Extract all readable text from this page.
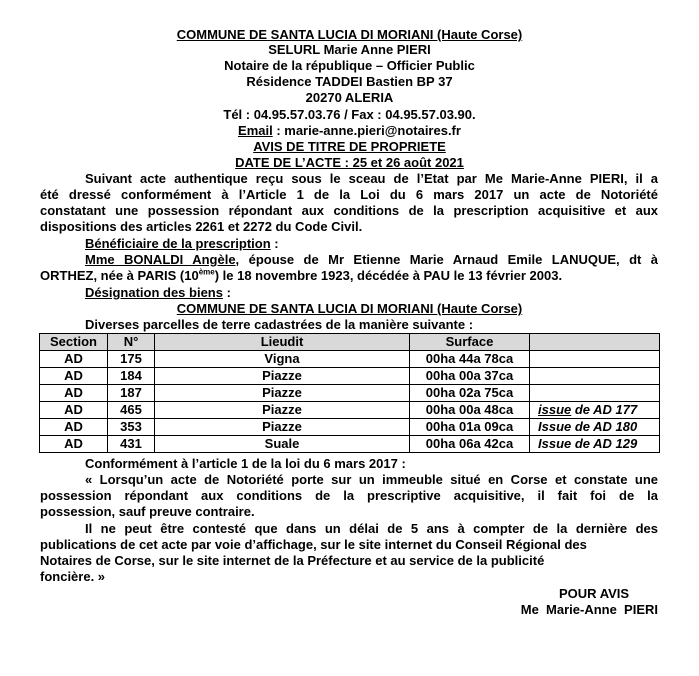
COMMUNE DE SANTA LUCIA DI MORIANI (Haute Corse)
SELURL Marie Anne PIERI
Notaire de la république – Officier Public
Résidence TADDEI Bastien BP 37
20270 ALERIA
Tél : 04.95.57.03.76 / Fax : 04.95.57.03.90.
Email : marie-anne.pieri@notaires.fr
AVIS DE TITRE DE PROPRIETE
DATE DE L’ACTE : 25 et 26 août 2021
Suivant acte authentique reçu sous le sceau de l’Etat par Me Marie-Anne PIERI, il a
été dressé conformément à l’Article 1 de la Loi du 6 mars 2017 un acte de Notoriété
constatant une possession répondant aux conditions de la prescription acquisitive et aux
dispositions des articles 2261 et 2272 du Code Civil.
Bénéficiaire de la prescription :
Mme BONALDI Angèle, épouse de Mr Etienne Marie Arnaud Emile LANUQUE, dt à
ORTHEZ, née à PARIS (10ème) le 18 novembre 1923, décédée à PAU le 13 février 2003.
Désignation des biens :
COMMUNE DE SANTA LUCIA DI MORIANI (Haute Corse)
Diverses parcelles de terre cadastrées de la manière suivante :
Section	N°	Lieudit	Surface	
AD	175	Vigna	00ha 44a 78ca	
AD	184	Piazze	00ha 00a 37ca	
AD	187	Piazze	00ha 02a 75ca	
AD	465	Piazze	00ha 00a 48ca	issue de AD 177
AD	353	Piazze	00ha 01a 09ca	Issue de AD 180
AD	431	Suale	00ha 06a 42ca	Issue de AD 129
Conformément à l’article 1 de la loi du 6 mars 2017 :
« Lorsqu’un acte de Notoriété porte sur un immeuble situé en Corse et constate une
possession répondant aux conditions de la prescriptive acquisitive, il fait foi de la
possession, sauf preuve contraire.
Il ne peut être contesté que dans un délai de 5 ans à compter de la dernière des
publications de cet acte par voie d’affichage, sur le site internet du Conseil Régional des
Notaires de Corse, sur le site internet de la Préfecture et au service de la publicité
foncière. »
POUR AVIS
Me  Marie-Anne  PIERI
